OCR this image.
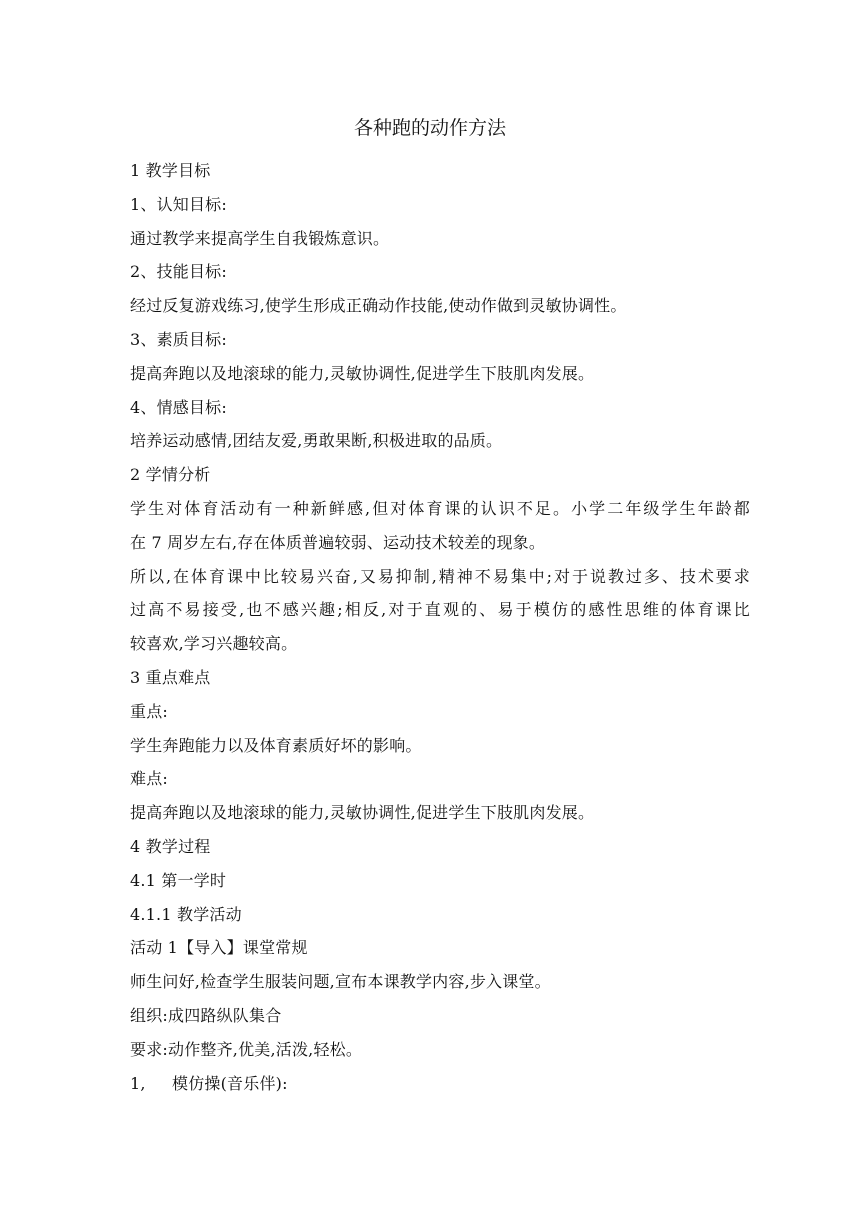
各种跑的动作方法
1 教学目标
1、认知目标:
通过教学来提高学生自我锻炼意识。
2、技能目标:
经过反复游戏练习,使学生形成正确动作技能,使动作做到灵敏协调性。
3、素质目标:
提高奔跑以及地滚球的能力,灵敏协调性,促进学生下肢肌肉发展。
4、情感目标:
培养运动感情,团结友爱,勇敢果断,积极进取的品质。
2 学情分析
学生对体育活动有一种新鲜感,但对体育课的认识不足。小学二年级学生年龄都
在 7 周岁左右,存在体质普遍较弱、运动技术较差的现象。
所以,在体育课中比较易兴奋,又易抑制,精神不易集中;对于说教过多、技术要求
过高不易接受,也不感兴趣;相反,对于直观的、易于模仿的感性思维的体育课比
较喜欢,学习兴趣较高。
3 重点难点
重点:
学生奔跑能力以及体育素质好坏的影响。
难点:
提高奔跑以及地滚球的能力,灵敏协调性,促进学生下肢肌肉发展。
4 教学过程
4.1 第一学时
4.1.1 教学活动
活动 1【导入】课堂常规
师生问好,检查学生服装问题,宣布本课教学内容,步入课堂。
组织:成四路纵队集合
要求:动作整齐,优美,活泼,轻松。
1, 模仿操(音乐伴):
